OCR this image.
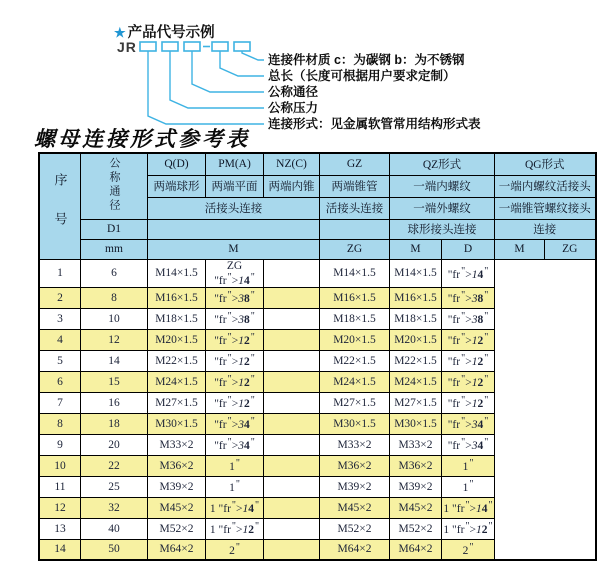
★ 产品代号示例
JR
连接件材质 c：为碳钢 b：为不锈钢
总长（长度可根据用户要求定制）
公称通径
公称压力
连接形式：见金属软管常用结构形式表
螺母连接形式参考表
序号	公称通径	Q(D)	PM(A)	NZ(C)	GZ	QZ形式		QG形式	
		两端球形	两端平面	两端内锥	两端锥管	一端内螺纹		一端内螺纹活接头	
		活接头连接			活接头连接	一端外螺纹		一端锥管螺纹接头	
	D1					球形接头连接		连接	
	mm	M			ZG	M	D	M	ZG
1	6	M14×1.5	ZG "fr">14"		M14×1.5	M14×1.5	"fr">14"		
2	8	M16×1.5	"fr">38"		M16×1.5	M16×1.5	"fr">38"		
3	10	M18×1.5	"fr">38"		M18×1.5	M18×1.5	"fr">38"		
4	12	M20×1.5	"fr">12"		M20×1.5	M20×1.5	"fr">12"		
5	14	M22×1.5	"fr">12"		M22×1.5	M22×1.5	"fr">12"		
6	15	M24×1.5	"fr">12"		M24×1.5	M24×1.5	"fr">12"		
7	16	M27×1.5	"fr">12"		M27×1.5	M27×1.5	"fr">12"		
8	18	M30×1.5	"fr">34"		M30×1.5	M30×1.5	"fr">34"		
9	20	M33×2	"fr">34"		M33×2	M33×2	"fr">34"		
10	22	M36×2	1"		M36×2	M36×2	1"		
11	25	M39×2	1"		M39×2	M39×2	1"		
12	32	M45×2	1 "fr">14"		M45×2	M45×2	1 "fr">14"		
13	40	M52×2	1 "fr">12"		M52×2	M52×2	1 "fr">12"		
14	50	M64×2	2"		M64×2	M64×2	2"		
